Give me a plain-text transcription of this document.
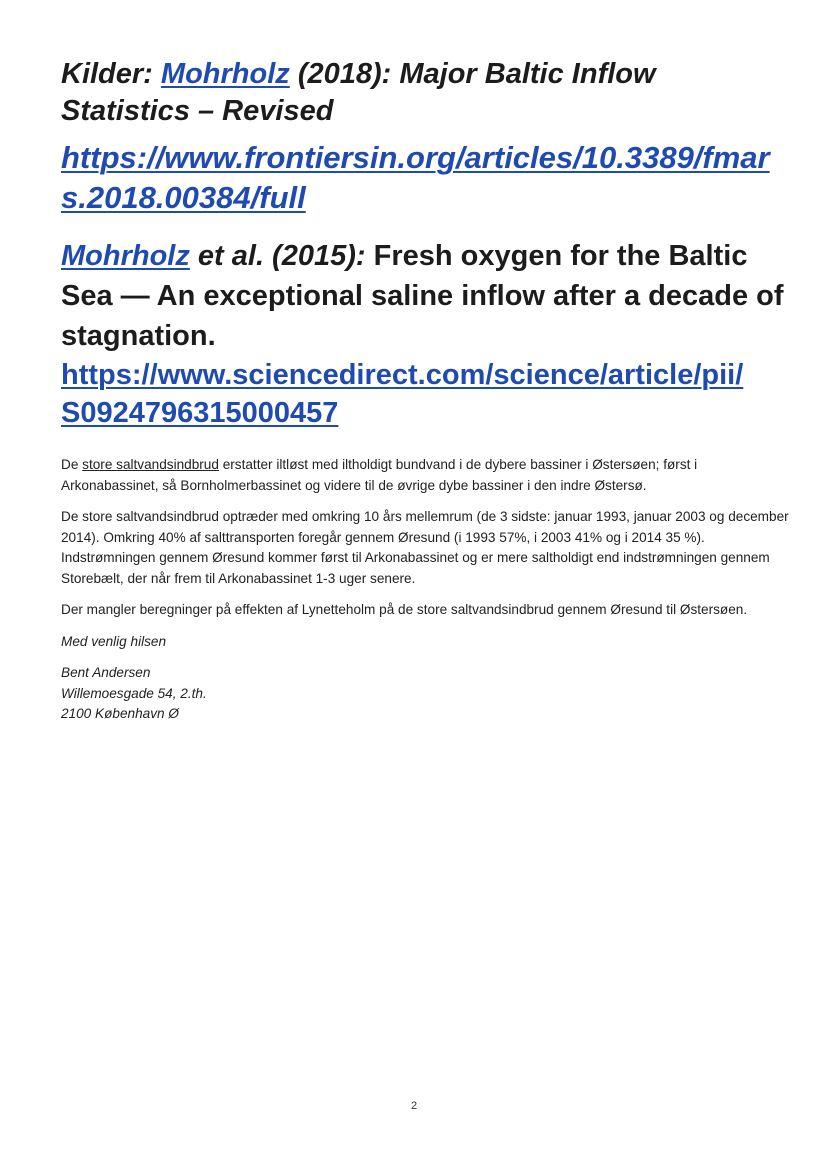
Kilder: Mohrholz (2018): Major Baltic Inflow
Statistics – Revised
https://www.frontiersin.org/articles/10.3389/fmar
s.2018.00384/full
Mohrholz et al. (2015): Fresh oxygen for the Baltic
Sea — An exceptional saline inflow after a decade of
stagnation.
https://www.sciencedirect.com/science/article/pii/
S0924796315000457

De store saltvandsindbrud erstatter iltløst med iltholdigt bundvand i de dybere bassiner i Østersøen; først i Arkonabassinet, så Bornholmerbassinet og videre til de øvrige dybe bassiner i den indre Østersø.

De store saltvandsindbrud optræder med omkring 10 års mellemrum (de 3 sidste: januar 1993, januar 2003 og december 2014). Omkring 40% af salttransporten foregår gennem Øresund (i 1993 57%, i 2003 41% og i 2014 35 %). Indstrømningen gennem Øresund kommer først til Arkonabassinet og er mere saltholdigt end indstrømningen gennem Storebælt, der når frem til Arkonabassinet 1-3 uger senere.

Der mangler beregninger på effekten af Lynetteholm på de store saltvandsindbrud gennem Øresund til Østersøen.

Med venlig hilsen

Bent Andersen
Willemoesgade 54, 2.th.
2100 København Ø

2
